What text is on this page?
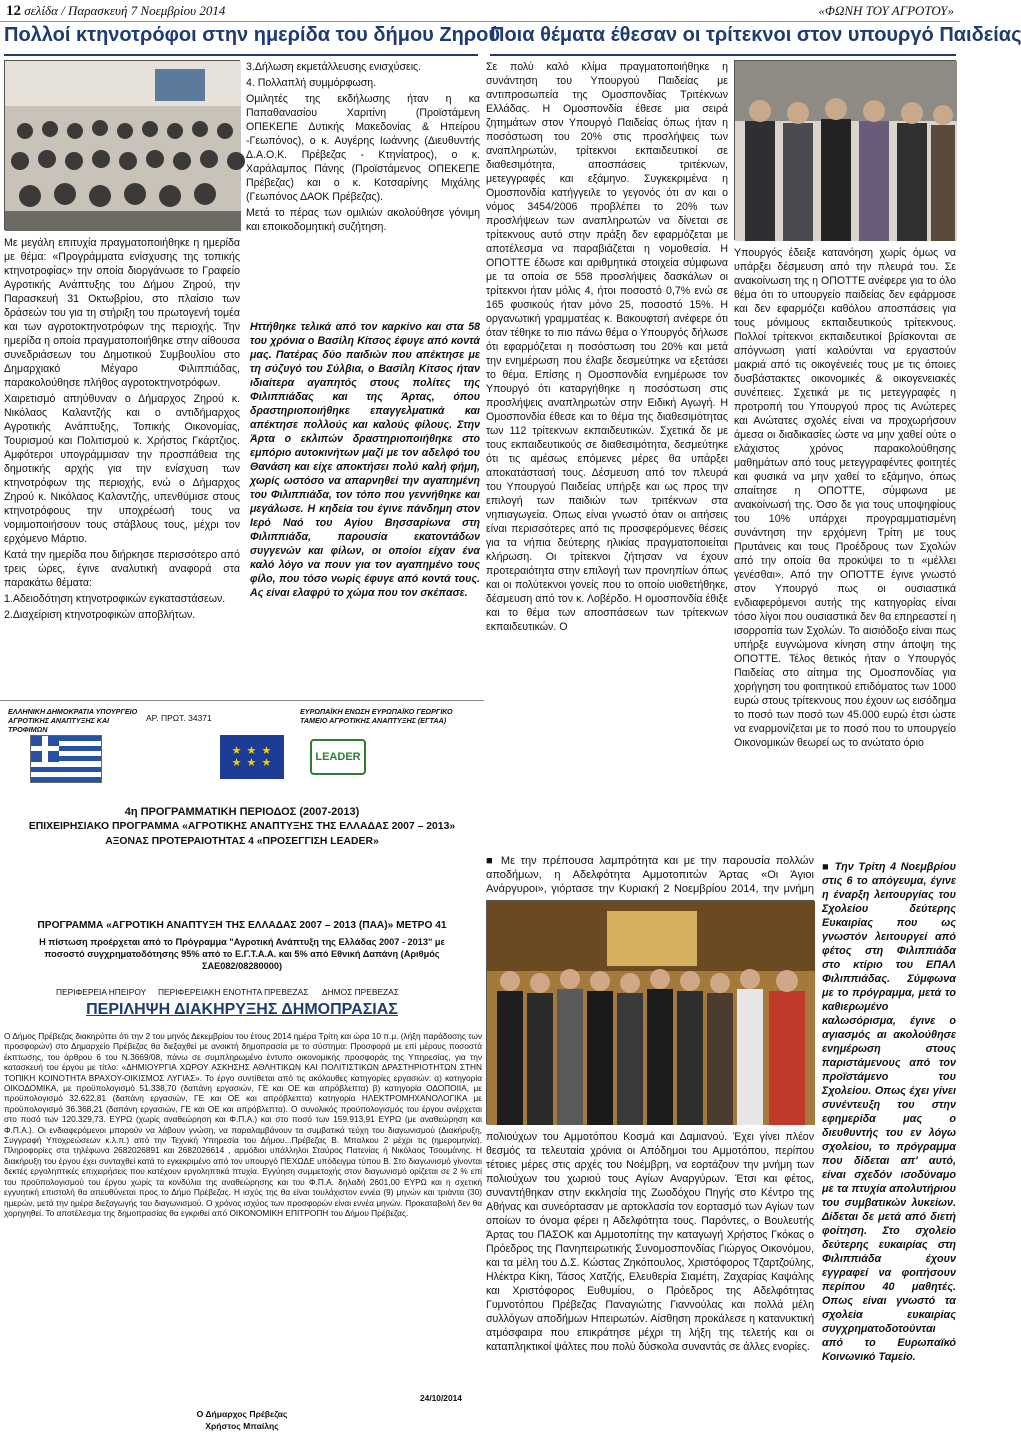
12 σελίδα / Παρασκευή 7 Νοεμβρίου 2014	«ΦΩΝΗ ΤΟΥ ΑΓΡΟΤΟΥ»
Πολλοί κτηνοτρόφοι στην ημερίδα του δήμου Ζηρού
Ποια θέματα έθεσαν οι τρίτεκνοι στον υπουργό Παιδείας

Με μεγάλη επιτυχία πραγματοποιήθηκε η ημερίδα με θέμα: «Προγράμματα ενίσχυσης της τοπικής κτηνοτροφίας» την οποία διοργάνωσε το Γραφείο Αγροτικής Ανάπτυξης του Δήμου Ζηρού, την Παρασκευή 31 Οκτωβρίου, στο πλαίσιο των δράσεών του για τη στήριξη του πρωτογενή τομέα και των αγροτοκτηνοτρόφων της περιοχής. Την ημερίδα η οποία πραγματοποιήθηκε στην αίθουσα συνεδριάσεων του Δημοτικού Συμβουλίου στο Δημαρχιακό Μέγαρο Φιλιππιάδας, παρακολούθησε πλήθος αγροτοκτηνοτρόφων.

Χαιρετισμό απηύθυναν ο Δήμαρχος Ζηρού κ. Νικόλαος Καλαντζής και ο αντιδήμαρχος Αγροτικής Ανάπτυξης, Τοπικής Οικονομίας, Τουρισμού και Πολιτισμού κ. Χρήστος Γκάρτζιος. Αμφότεροι υπογράμμισαν την προσπάθεια της δημοτικής αρχής για την ενίσχυση των κτηνοτρόφων της περιοχής, ενώ ο Δήμαρχος Ζηρού κ. Νικόλαος Καλαντζής, υπενθύμισε στους κτηνοτρόφους την υποχρέωσή τους να νομιμοποιήσουν τους στάβλους τους, μέχρι τον ερχόμενο Μάρτιο.

Κατά την ημερίδα που διήρκησε περισσότερο από τρεις ώρες, έγινε αναλυτική αναφορά στα παρακάτω θέματα:

1.Αδειοδότηση κτηνοτροφικών εγκαταστάσεων.

2.Διαχείριση κτηνοτροφικών αποβλήτων.

3.Δήλωση εκμετάλλευσης ενισχύσεις.

4. Πολλαπλή συμμόρφωση.

Ομιλητές της εκδήλωσης ήταν η κα Παπαθανασίου Χαριτίνη (Προϊστάμενη ΟΠΕΚΕΠΕ Δυτικής Μακεδονίας & Ηπείρου -Γεωπόνος), ο κ. Αυγέρης Ιωάννης (Διευθυντής Δ.Α.Ο.Κ. Πρέβεζας - Κτηνίατρος), ο κ. Χαράλαμπος Πάνης (Προϊστάμενος ΟΠΕΚΕΠΕ Πρέβεζας) και ο κ. Κοτσαρίνης Μιχάλης (Γεωπόνος ΔΑΟΚ Πρέβεζας).

Μετά το πέρας των ομιλιών ακολούθησε γόνιμη και εποικοδομητική συζήτηση.

Ηττήθηκε τελικά από τον καρκίνο και στα 58 του χρόνια ο Βασίλη Κίτσος έφυγε από κοντά μας. Πατέρας δύο παιδιών που απέκτησε με τη σύζυγό του Σύλβια, ο Βασίλη Κίτσος ήταν ιδιαίτερα αγαπητός στους πολίτες της Φιλιππιάδας και της Άρτας, όπου δραστηριοποιήθηκε επαγγελματικά και απέκτησε πολλούς και καλούς φίλους. Στην Άρτα ο εκλιπών δραστηριοποιήθηκε στο εμπόριο αυτοκινήτων μαζί με τον αδελφό του Θανάση και είχε αποκτήσει πολύ καλή φήμη, χωρίς ωστόσο να απαρνηθεί την αγαπημένη του Φιλιππιάδα, τον τόπο που γεννήθηκε και μεγάλωσε. Η κηδεία του έγινε πάνδημη στον Ιερό Ναό του Αγίου Βησσαρίωνα στη Φιλιππιάδα, παρουσία εκατοντάδων συγγενών και φίλων, οι οποίοι είχαν ένα καλό λόγο να πουν για τον αγαπημένο τους φίλο, που τόσο νωρίς έφυγε από κοντά τους. Ας είναι ελαφρύ το χώμα που τον σκέπασε.

Σε πολύ καλό κλίμα πραγματοποιήθηκε η συνάντηση του Υπουργού Παιδείας με αντιπροσωπεία της Ομοσπονδίας Τριτέκνων Ελλάδας. Η Ομοσπονδία έθεσε μια σειρά ζητημάτων στον Υπουργό Παιδείας όπως ήταν η ποσόστωση του 20% στις προσλήψεις των αναπληρωτών, τρίτεκνοι εκπαιδευτικοί σε διαθεσιμότητα, αποσπάσεις τριτέκνων, μετεγγραφές και εξάμηνο. Συγκεκριμένα η Ομοσπονδία κατήγγειλε το γεγονός ότι αν και ο νόμος 3454/2006 προβλέπει το 20% των προσλήψεων των αναπληρωτών να δίνεται σε τρίτεκνους αυτό στην πράξη δεν εφαρμόζεται με αποτέλεσμα να παραβιάζεται η νομοθεσία. Η ΟΠΟΤΤΕ έδωσε και αριθμητικά στοιχεία σύμφωνα με τα οποία σε 558 προσλήψεις δασκάλων οι τρίτεκνοι ήταν μόλις 4, ήτοι ποσοστό 0,7% ενώ σε 165 φυσικούς ήταν μόνο 25, ποσοστό 15%. Η οργανωτική γραμματέας κ. Βακουφτσή ανέφερε ότι όταν τέθηκε το πιο πάνω θέμα ο Υπουργός δήλωσε ότι εφαρμόζεται η ποσόστωση του 20% και μετά την ενημέρωση που έλαβε δεσμεύτηκε να εξετάσει το θέμα. Επίσης η Ομοσπονδία ενημέρωσε τον Υπουργό ότι καταργήθηκε η ποσόστωση στις προσλήψεις αναπληρωτών στην Ειδική Αγωγή. Η Ομοσπονδία έθεσε και το θέμα της διαθεσιμότητας των 112 τρίτεκνων εκπαιδευτικών. Σχετικά δε με τους εκπαιδευτικούς σε διαθεσιμότητα, δεσμεύτηκε ότι τις αμέσως επόμενες μέρες θα υπάρξει αποκατάστασή τους. Δέσμευση από τον πλευρά του Υπουργού Παιδείας υπήρξε και ως προς την επιλογή των παιδιών των τριτέκνων στα νηπιαγωγεία. Οπως είναι γνωστό όταν οι αιτήσεις είναι περισσότερες από τις προσφερόμενες θέσεις για τα νήπια δεύτερης ηλικίας πραγματοποιείται κλήρωση. Οι τρίτεκνοι ζήτησαν να έχουν προτεραιότητα στην επιλογή των προνηπίων όπως και οι πολύτεκνοι γονείς που το οποίο υιοθετήθηκε, δέσμευση από τον κ. Λοβέρδο. Η ομοσπονδία έθιξε και το θέμα των αποσπάσεων των τρίτεκνων εκπαιδευτικών. Ο

Υπουργός έδειξε κατανόηση χωρίς όμως να υπάρξει δέσμευση από την πλευρά του. Σε ανακοίνωση της η ΟΠΟΤΤΕ ανέφερε για το όλο θέμα ότι το υπουργείο παιδείας δεν εφάρμοσε και δεν εφαρμόζει καθόλου αποσπάσεις για τους μόνιμους εκπαιδευτικούς τρίτεκνους. Πολλοί τρίτεκνοι εκπαιδευτικοί βρίσκονται σε απόγνωση γιατί καλούνται να εργαστούν μακριά από τις οικογένειές τους με τις όποιες δυσβάστακτες οικονομικές & οικογενειακές συνέπειες. Σχετικά με τις μετεγγραφές η προτροπή του Υπουργού προς τις Ανώτερες και Ανώτατες σχολές είναι να προχωρήσουν άμεσα οι διαδικασίες ώστε να μην χαθεί ούτε ο ελάχιστος χρόνος παρακολούθησης μαθημάτων από τους μετεγγραφέντες φοιτητές και φυσικά να μην χαθεί το εξάμηνο, όπως απαίτησε η ΟΠΟΤΤΕ, σύμφωνα με ανακοίνωσή της. Όσο δε για τους υποψηφίους του 10% υπάρχει προγραμματισμένη συνάντηση την ερχόμενη Τρίτη με τους Πρυτάνεις και τους Προέδρους των Σχολών από την οποία θα προκύψει το τι «μέλλει γενέσθαι». Από την ΟΠΟΤΤΕ έγινε γνωστό στον Υπουργό πως οι ουσιαστικά ενδιαφερόμενοι αυτής της κατηγορίας είναι τόσο λίγοι που ουσιαστικά δεν θα επηρεαστεί η ισορροπία των Σχολών. Το αισιόδοξο είναι πως υπήρξε ευγνώμονα κίνηση στην άποψη της ΟΠΟΤΤΕ. Τέλος θετικός ήταν ο Υπουργός Παιδείας στο αίτημα της Ομοσπονδίας για χορήγηση του φοιτητικού επιδόματος των 1000 ευρώ στους τρίτεκνους που έχουν ως εισόδημα το ποσό των ποσό των 45.000 ευρώ έτσι ώστε να εναρμονίζεται με το ποσό που το υπουργείο Οικονομικών θεωρεί ως το ανώτατο όριο

■ Με την πρέπουσα λαμπρότητα και με την παρουσία πολλών αποδήμων, η Αδελφότητα Αμμοτοπιτών Άρτας «Οι Άγιοι Ανάργυροι», γιόρτασε την Κυριακή 2 Νοεμβρίου 2014, την μνήμη

πολιούχων του Αμμοτόπου Κοσμά και Δαμιανού. Έχει γίνει πλέον θεσμός τα τελευταία χρόνια οι Απόδημοι του Αμμοτόπου, περίπου τέτοιες μέρες στις αρχές του Νοέμβρη, να εορτάζουν την μνήμη των πολιούχων του χωριού τους Αγίων Αναργύρων. Έτσι και φέτος, συναντήθηκαν στην εκκλησία της Ζωοδόχου Πηγής στο Κέντρο της Αθήνας και συνεόρτασαν με αρτοκλασία τον εορτασμό των Αγίων των οποίων το όνομα φέρει η Αδελφότητα τους. Παρόντες, ο Βουλευτής Άρτας του ΠΑΣΟΚ και Αμμοτοπίτης την καταγωγή Χρήστος Γκόκας ο Πρόεδρος της Πανηπειρωτικής Συνομοσπονδίας Γιώργος Οικονόμου, και τα μέλη του Δ.Σ. Κώστας Ζηκόπουλος, Χριστόφορος Τζαρτζούλης, Ηλέκτρα Κίκη, Τάσος Χατζής, Ελευθερία Σιαμέτη, Ζαχαρίας Καψάλης και Χριστόφορος Ευθυμίου, ο Πρόεδρος της Αδελφότητας Γυμνοτόπου Πρέβεζας Παναγιώτης Γιαννούλας και πολλά μέλη συλλόγων αποδήμων Ηπειρωτών. Αίσθηση προκάλεσε η κατανυκτική ατμόσφαιρα που επικράτησε μέχρι τη λήξη της τελετής και οι καταπληκτικοί ψάλτες που πολύ δύσκολα συναντάς σε άλλες ενορίες.

■ Την Τρίτη 4 Νοεμβρίου στις 6 το απόγευμα, έγινε η έναρξη λειτουργίας του Σχολείου δεύτερης Ευκαιρίας που ως γνωστόν λειτουργεί από φέτος στη Φιλιππιάδα στο κτίριο του ΕΠΑΛ Φιλιππιάδας. Σύμφωνα με το πρόγραμμα, μετά το καθιερωμένο καλωσόρισμα, έγινε ο αγιασμός αι ακολούθησε ενημέρωση στους παριστάμενους από τον προϊστάμενο του Σχολείου. Οπως έχει γίνει συνέντευξη του στην εφημερίδα μας ο διευθυντής του εν λόγω σχολείου, το πρόγραμμα που δίδεται απ' αυτό, είναι σχεδόν ισοδύναμο με τα πτυχία απολυτήριου του συμβατικών λυκείων. Δίδεται δε μετά από διετή φοίτηση. Στο σχολείο δεύτερης ευκαιρίας στη Φιλιππιάδα έχουν εγγραφεί να φοιτήσουν περίπου 40 μαθητές. Οπως είναι γνωστό τα σχολεία ευκαιρίας συγχρηματοδοτούνται από το Ευρωπαϊκό Κοινωνικό Ταμείο.

ΕΛΛΗΝΙΚΗ ΔΗΜΟΚΡΑΤΙΑ ΥΠΟΥΡΓΕΙΟ ΑΓΡΟΤΙΚΗΣ ΑΝΑΠΤΥΞΗΣ ΚΑΙ ΤΡΟΦΙΜΩΝ
ΑΡ. ΠΡΩΤ. 34371
ΕΥΡΩΠΑΪΚΗ ΕΝΩΣΗ ΕΥΡΩΠΑΪΚΟ ΓΕΩΡΓΙΚΟ ΤΑΜΕΙΟ ΑΓΡΟΤΙΚΗΣ ΑΝΑΠΤΥΞΗΣ (ΕΓΤΑΑ)
★ ★ ★
★ ★ ★	LEADER
4η ΠΡΟΓΡΑΜΜΑΤΙΚΗ ΠΕΡΙΟΔΟΣ (2007-2013)
ΕΠΙΧΕΙΡΗΣΙΑΚΟ ΠΡΟΓΡΑΜΜΑ «ΑΓΡΟΤΙΚΗΣ ΑΝΑΠΤΥΞΗΣ ΤΗΣ ΕΛΛΑΔΑΣ 2007 – 2013»
ΑΞΟΝΑΣ ΠΡΟΤΕΡΑΙΟΤΗΤΑΣ 4 «ΠΡΟΣΕΓΓΙΣΗ LEADER»
ΠΡΟΓΡΑΜΜΑ «ΑΓΡΟΤΙΚΗ ΑΝΑΠΤΥΞΗ ΤΗΣ ΕΛΛΑΔΑΣ 2007 – 2013 (ΠΑΑ)» ΜΕΤΡΟ 41
Η πίστωση προέρχεται από το Πρόγραμμα "Αγροτική Ανάπτυξη της Ελλάδας 2007 - 2013" με ποσοστό συγχρηματοδότησης 95% από το Ε.Γ.Τ.Α.Α. και 5% από Εθνική Δαπάνη (Αριθμός ΣΑΕ082/08280000)
ΠΕΡΙΦΕΡΕΙΑ ΗΠΕΙΡΟΥ ΠΕΡΙΦΕΡΕΙΑΚΗ ΕΝΟΤΗΤΑ ΠΡΕΒΕΖΑΣ ΔΗΜΟΣ ΠΡΕΒΕΖΑΣ
ΠΕΡΙΛΗΨΗ ΔΙΑΚΗΡΥΞΗΣ ΔΗΜΟΠΡΑΣΙΑΣ
Ο Δήμος Πρέβεζας διακηρύττει ότι την 2 του μηνός Δεκεμβρίου του έτους 2014 ημέρα Τρίτη και ώρα 10 π.μ. (λήξη παράδοσης των προσφορών) στο Δημαρχείο Πρέβεζας θα διεξαχθεί με ανοικτή δημοπρασία με το σύστημα: Προσφορά με επί μέρους ποσοστά έκπτωσης, του άρθρου 6 του Ν.3669/08, πάνω σε συμπληρωμένο έντυπο οικονομικής προσφοράς της Υπηρεσίας, για την κατασκευή του έργου με τίτλο: «ΔΗΜΙΟΥΡΓΙΑ ΧΩΡΟΥ ΑΣΚΗΣΗΣ ΑΘΛΗΤΙΚΩΝ ΚΑΙ ΠΟΛΙΤΙΣΤΙΚΩΝ ΔΡΑΣΤΗΡΙΟΤΗΤΩΝ ΣΤΗΝ ΤΟΠΙΚΗ ΚΟΙΝΟΤΗΤΑ ΒΡΑΧΟΥ-ΟΙΚΙΣΜΟΣ ΛΥΓΙΑΣ». Το έργο συντίθεται από τις ακόλουθες κατηγορίες εργασιών: α) κατηγορία ΟΙΚΟΔΟΜΙΚΑ, με προϋπολογισμό 51.338,70 (δαπάνη εργασιών, ΓΕ και ΟΕ και απρόβλεπτα) β) κατηγορία ΟΔΟΠΟΙΙΑ, με προϋπολογισμό 32.622,81 (δαπάνη εργασιών, ΓΕ και ΟΕ και απρόβλεπτα) κατηγορία ΗΛΕΚΤΡΟΜΗΧΑΝΟΛΟΓΙΚΑ με προϋπολογισμό 36.368,21 (δαπάνη εργασιών, ΓΕ και ΟΕ και απρόβλεπτα). Ο συνολικός προϋπολογισμός του έργου ανέρχεται στο ποσό των 120.329,73. ΕΥΡΩ (χωρίς αναθεώρηση και Φ.Π.Α.) και στο ποσό των 159.913,91 ΕΥΡΩ (με αναθεώρηση και Φ.Π.Α.). Οι ενδιαφερόμενοι μπορούν να λάβουν γνώση, να παραλαμβάνουν τα συμβατικά τεύχη του διαγωνισμού (Διακήρυξη, Συγγραφή Υποχρεώσεων κ.λ.π.) από την Τεχνική Υπηρεσία του Δήμου...Πρέβεζας Β. Μπαλκου 2 μέχρι τις (ημερομηνία). Πληροφορίες στα τηλέφωνα 2682026891 και 2682026614 , αρμόδιοι υπάλληλοι Σταύρος Πατενίας ή Νικόλαος Τσουμάνης. Η διακήρυξη του έργου έχει συνταχθεί κατά το εγκεκριμένο από τον υπουργό ΠΕΧΩΔΕ υπόδειγμα τύπου Β. Στο διαγωνισμό γίνονται δεκτές εργοληπτικές επιχειρήσεις που κατέχουν εργοληπτικά πτυχία. Εγγύηση συμμετοχής στον διαγωνισμό ορίζεται σε 2 % επί του προϋπολογισμού του έργου χωρίς τα κονδύλια της αναθεώρησης και του Φ.Π.Α. δηλαδή 2601,00 ΕΥΡΩ και η σχετική εγγυητική επιστολή θα απευθύνεται προς το Δήμο Πρέβεζας. Η ισχύς της θα είναι τουλάχιστον εννέα (9) μηνών και τριάντα (30) ημερών, μετά την ημέρα διεξαγωγής του διαγωνισμού. Ο χρόνος ισχύος των προσφορών είναι εννέα μηνών. Προκαταβολή δεν θα χορηγηθεί. Το αποτέλεσμα της δημοπρασίας θα εγκριθεί από ΟΙΚΟΝΟΜΙΚΗ ΕΠΙΤΡΟΠΗ του Δήμου Πρέβεζας.
24/10/2014
Ο Δήμαρχος Πρέβεζας
Χρήστος Μπαίλης
